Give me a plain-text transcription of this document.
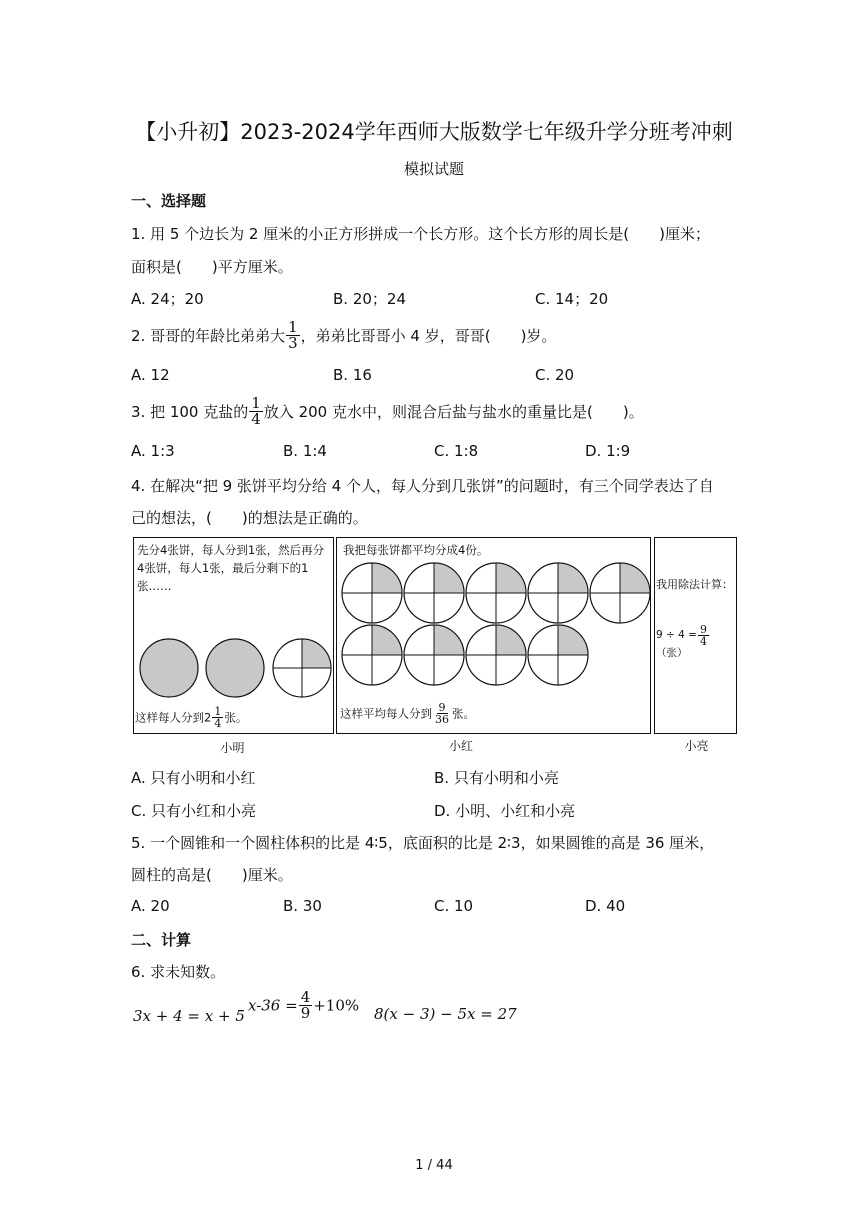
【小升初】2023-2024学年西师大版数学七年级升学分班考冲刺
模拟试题
一、选择题
1. 用 5 个边长为 2 厘米的小正方形拼成一个长方形。这个长方形的周长是(　　)厘米；
面积是(　　)平方厘米。
A. 24；20	B. 20；24	C. 14；20
2. 哥哥的年龄比弟弟大 $\frac{1}{3}$ ，弟弟比哥哥小 4 岁，哥哥(　　)岁。
A. 12	B. 16	C. 20
3. 把 100 克盐的 $\frac{1}{4}$ 放入 200 克水中，则混合后盐与盐水的重量比是(　　)。
A. 1:3	B. 1:4	C. 1:8	D. 1:9
4. 在解决“把 9 张饼平均分给 4 个人，每人分到几张饼”的问题时，有三个同学表达了自
己的想法，(　　)的想法是正确的。
先分4张饼，每人分到1张，然后再分4张饼，每人1张，最后分剩下的1张……
这样每人分到$2 \frac{1}{4}$ 张。
小明
我把每张饼都平均分成4份。
这样平均每人分到 $\frac{9}{36}$ 张。
小红
我用除法计算：
$9 \div 4 = \frac{9}{4}$
（张）
小亮
A. 只有小明和小红	B. 只有小明和小亮
C. 只有小红和小亮	D. 小明、小红和小亮
5. 一个圆锥和一个圆柱体积的比是 4∶5，底面积的比是 2∶3，如果圆锥的高是 36 厘米，
圆柱的高是(　　)厘米。
A. 20	B. 30	C. 10	D. 40
二、计算
6. 求未知数。
3x + 4 = x + 5
$x-36 = \frac{4}{9} +10\%$ 8(x − 3) − 5x = 27
1 / 44
